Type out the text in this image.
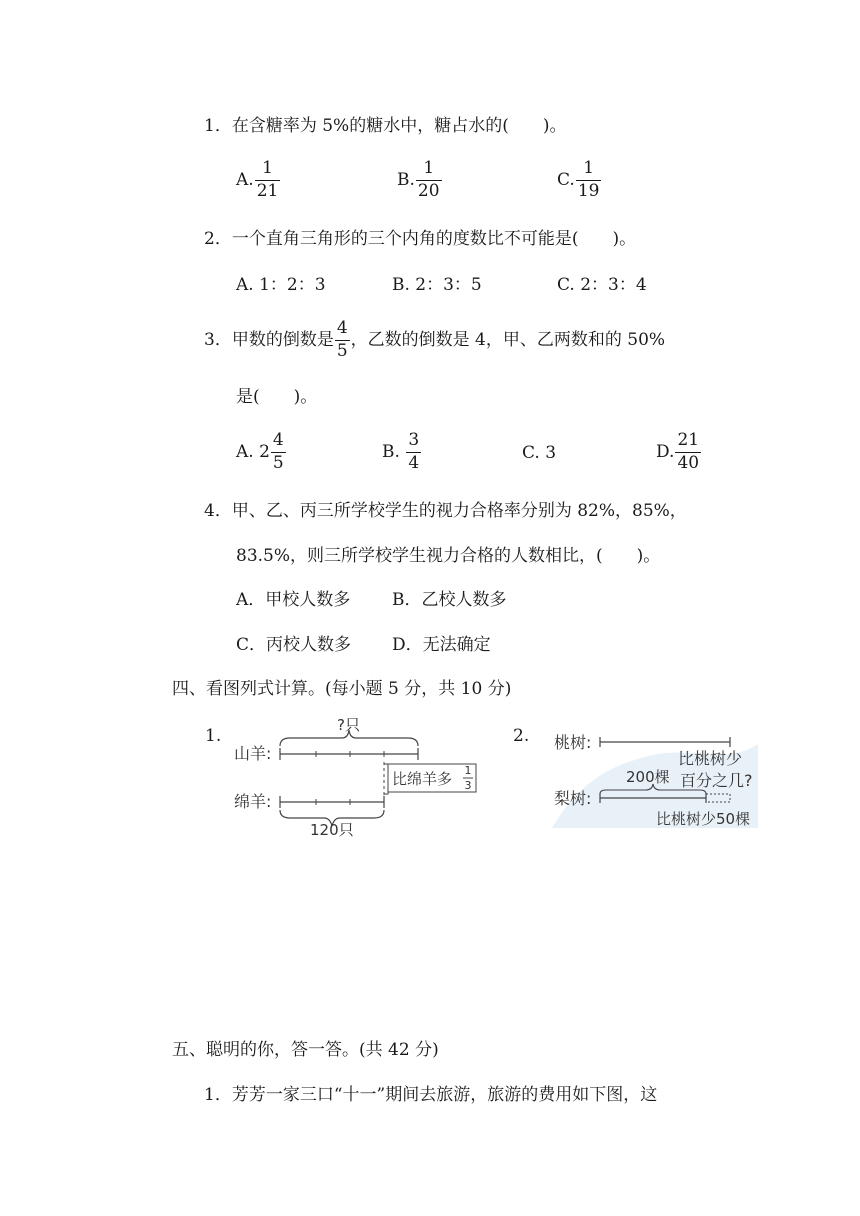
1．在含糖率为 5%的糖水中，糖占水的(　　)。
A. $\frac{1}{21}$	B. $\frac{1}{20}$	C. $\frac{1}{19}$
2．一个直角三角形的三个内角的度数比不可能是(　　)。
A. 1：2：3	B. 2：3：5	C. 2：3：4
3．甲数的倒数是 $\frac{4}{5}$ ，乙数的倒数是 4，甲、乙两数和的 50%
是(　　)。
A. $2 \frac{4}{5}$	B. $\frac{3}{4}$	C. 3	D. $\frac{21}{40}$
4．甲、乙、丙三所学校学生的视力合格率分别为 82%，85%，
83.5%，则三所学校学生视力合格的人数相比，(　　)。
A．甲校人数多 B．乙校人数多
C．丙校人数多 D．无法确定
四、看图列式计算。(每小题 5 分，共 10 分)
1.
山羊:
绵羊:
?只
比绵羊多 1
3
120只
2. 桃树:
梨树:
比桃树少
百分之几?
200棵
比桃树少50棵
五、聪明的你，答一答。(共 42 分)
1．芳芳一家三口“十一”期间去旅游，旅游的费用如下图，这
